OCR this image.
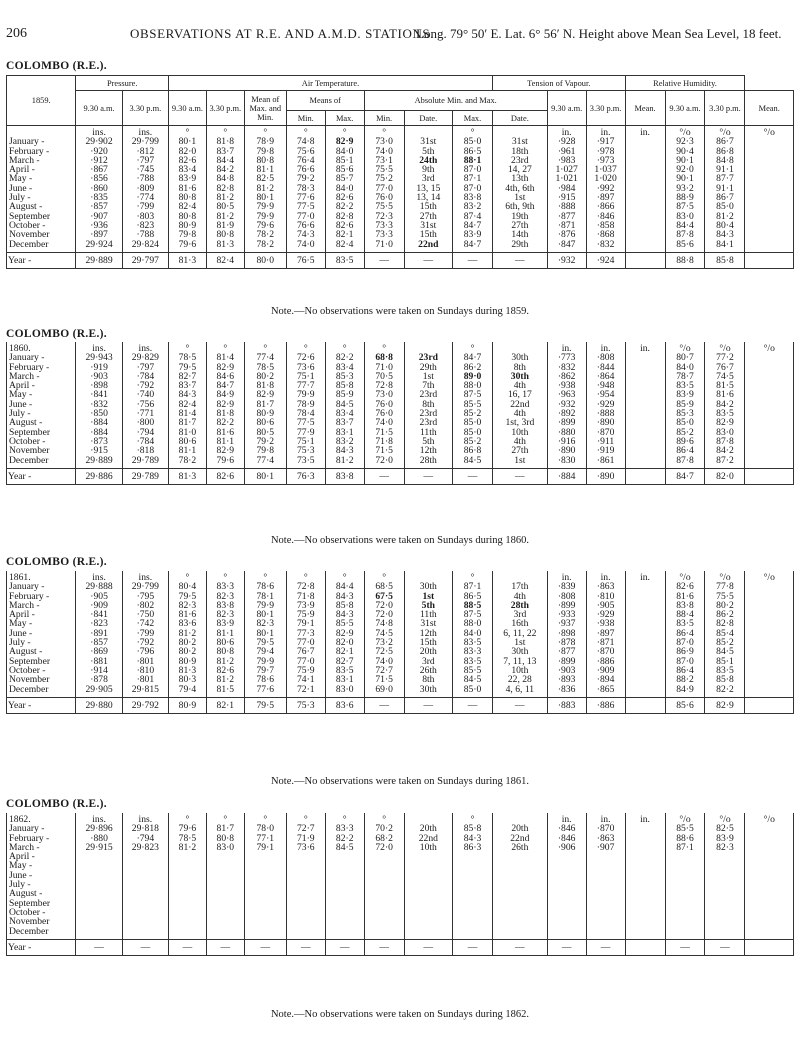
206	OBSERVATIONS AT R.E. AND A.M.D. STATIONS.
Long. 79° 50′ E. Lat. 6° 56′ N. Height above Mean Sea Level, 18 feet.
COLOMBO (R.E.).
1859.	Pressure.		Air Temperature.								Tension of Vapour.			Relative Humidity.			
	9.30 a.m.	3.30 p.m.	9.30 a.m.	3.30 p.m.	Mean of Max. and Min.	Means of		Absolute Min. and Max.				9.30 a.m.	3.30 p.m.	Mean.	9.30 a.m.	3.30 p.m.	Mean.
						Min.	Max.	Min.	Date.	Max.	Date.						
	ins.	ins.	°	°	°	°	°	°		°		in.	in.	in.	°/o	°/o	°/o
January -	29·902	29·799	80·1	81·8	78·9	74·8	82·9	73·0	31st	85·0	31st	·928	·917		92·3	86·7	
February -	·920	·812	82·0	83·7	79·8	75·6	84·0	74·0	5th	86·5	18th	·961	·978		90·4	86·8	
March -	·912	·797	82·6	84·4	80·8	76·4	85·1	73·1	24th	88·1	23rd	·983	·973		90·1	84·8	
April -	·867	·745	83·4	84·2	81·1	76·6	85·6	75·5	9th	87·0	14, 27	1·027	1·037		92·0	91·1	
May -	·856	·788	83·9	84·8	82·5	79·2	85·7	75·2	3rd	87·1	13th	1·021	1·020		90·1	87·7	
June -	·860	·809	81·6	82·8	81·2	78·3	84·0	77·0	13, 15	87·0	4th, 6th	·984	·992		93·2	91·1	
July -	·835	·774	80·8	81·2	80·1	77·6	82·6	76·0	13, 14	83·8	1st	·915	·897		88·9	86·7	
August -	·857	·799	82·4	80·5	79·9	77·5	82·2	75·5	15th	83·2	6th, 9th	·888	·866		87·5	85·0	
September	·907	·803	80·8	81·2	79·9	77·0	82·8	72·3	27th	87·4	19th	·877	·846		83·0	81·2	
October -	·936	·823	80·9	81·9	79·6	76·6	82·6	73·3	31st	84·7	27th	·871	·858		84·4	80·4	
November	·897	·788	79·8	80·8	78·2	74·3	82·1	73·3	15th	83·9	14th	·876	·868		87·8	84·3	
December	29·924	29·824	79·6	81·3	78·2	74·0	82·4	71·0	22nd	84·7	29th	·847	·832		85·6	84·1	
Year -	29·889	29·797	81·3	82·4	80·0	76·5	83·5	—	—	—	—	·932	·924		88·8	85·8	
Note.—No observations were taken on Sundays during 1859.
COLOMBO (R.E.).
1860.	ins.	ins.	°	°	°	°	°	°		°		in.	in.	in.	°/o	°/o	°/o
January -	29·943	29·829	78·5	81·4	77·4	72·6	82·2	68·8	23rd	84·7	30th	·773	·808		80·7	77·2	
February -	·919	·797	79·5	82·9	78·5	73·6	83·4	71·0	29th	86·2	8th	·832	·844		84·0	76·7	
March -	·903	·784	82·7	84·6	80·2	75·1	85·3	70·5	1st	89·0	30th	·862	·864		78·7	74·5	
April -	·898	·792	83·7	84·7	81·8	77·7	85·8	72·8	7th	88·0	4th	·938	·948		83·5	81·5	
May -	·841	·740	84·3	84·9	82·9	79·9	85·9	73·0	23rd	87·5	16, 17	·963	·954		83·9	81·6	
June -	·832	·756	82·4	82·9	81·7	78·9	84·5	76·0	8th	85·5	22nd	·932	·929		85·9	84·2	
July -	·850	·771	81·4	81·8	80·9	78·4	83·4	76·0	23rd	85·2	4th	·892	·888		85·3	83·5	
August -	·884	·800	81·7	82·2	80·6	77·5	83·7	74·0	23rd	85·0	1st, 3rd	·899	·890		85·0	82·9	
September	·884	·794	81·0	81·6	80·5	77·9	83·1	71·5	11th	85·0	10th	·880	·870		85·2	83·0	
October -	·873	·784	80·6	81·1	79·2	75·1	83·2	71·8	5th	85·2	4th	·916	·911		89·6	87·8	
November	·915	·818	81·1	82·9	79·8	75·3	84·3	71·5	12th	86·8	27th	·890	·919		86·4	84·2	
December	29·889	29·789	78·2	79·6	77·4	73·5	81·2	72·0	28th	84·5	1st	·830	·861		87·8	87·2	
Year -	29·886	29·789	81·3	82·6	80·1	76·3	83·8	—	—	—	—	·884	·890		84·7	82·0	
Note.—No observations were taken on Sundays during 1860.
COLOMBO (R.E.).
1861.	ins.	ins.	°	°	°	°	°	°		°		in.	in.	in.	°/o	°/o	°/o
January -	29·888	29·799	80·4	83·3	78·6	72·8	84·4	68·5	30th	87·1	17th	·839	·863		82·6	77·8	
February -	·905	·795	79·5	82·3	78·1	71·8	84·3	67·5	1st	86·5	4th	·808	·810		81·6	75·5	
March -	·909	·802	82·3	83·8	79·9	73·9	85·8	72·0	5th	88·5	28th	·899	·905		83·8	80·2	
April -	·841	·750	81·6	82·3	80·1	75·9	84·3	72·0	11th	87·5	3rd	·933	·929		88·4	86·2	
May -	·823	·742	83·6	83·9	82·3	79·1	85·5	74·8	31st	88·0	16th	·937	·938		83·5	82·8	
June -	·891	·799	81·2	81·1	80·1	77·3	82·9	74·5	12th	84·0	6, 11, 22	·898	·897		86·4	85·4	
July -	·857	·792	80·2	80·6	79·5	77·0	82·0	73·2	15th	83·5	1st	·878	·871		87·0	85·2	
August -	·869	·796	80·2	80·8	79·4	76·7	82·1	72·5	20th	83·3	30th	·877	·870		86·9	84·5	
September	·881	·801	80·9	81·2	79·9	77·0	82·7	74·0	3rd	83·5	7, 11, 13	·899	·886		87·0	85·1	
October -	·914	·810	81·3	82·6	79·7	75·9	83·5	72·7	26th	85·5	10th	·903	·909		86·4	83·5	
November	·878	·801	80·3	81·2	78·6	74·1	83·1	71·5	8th	84·5	22, 28	·893	·894		88·2	85·8	
December	29·905	29·815	79·4	81·5	77·6	72·1	83·0	69·0	30th	85·0	4, 6, 11	·836	·865		84·9	82·2	
Year -	29·880	29·792	80·9	82·1	79·5	75·3	83·6	—	—	—	—	·883	·886		85·6	82·9	
Note.—No observations were taken on Sundays during 1861.
COLOMBO (R.E.).
1862.	ins.	ins.	°	°	°	°	°	°		°		in.	in.	in.	°/o	°/o	°/o
January -	29·896	29·818	79·6	81·7	78·0	72·7	83·3	70·2	20th	85·8	20th	·846	·870		85·5	82·5	
February -	·880	·794	78·5	80·8	77·1	71·9	82·2	68·2	22nd	84·3	22nd	·846	·863		88·6	83·9	
March -	29·915	29·823	81·2	83·0	79·1	73·6	84·5	72·0	10th	86·3	26th	·906	·907		87·1	82·3	
April -																	
May -																	
June -																	
July -																	
August -																	
September																	
October -																	
November																	
December																	
Year -	—	—	—	—	—	—	—	—	—	—	—	—	—		—	—	
Note.—No observations were taken on Sundays during 1862.
